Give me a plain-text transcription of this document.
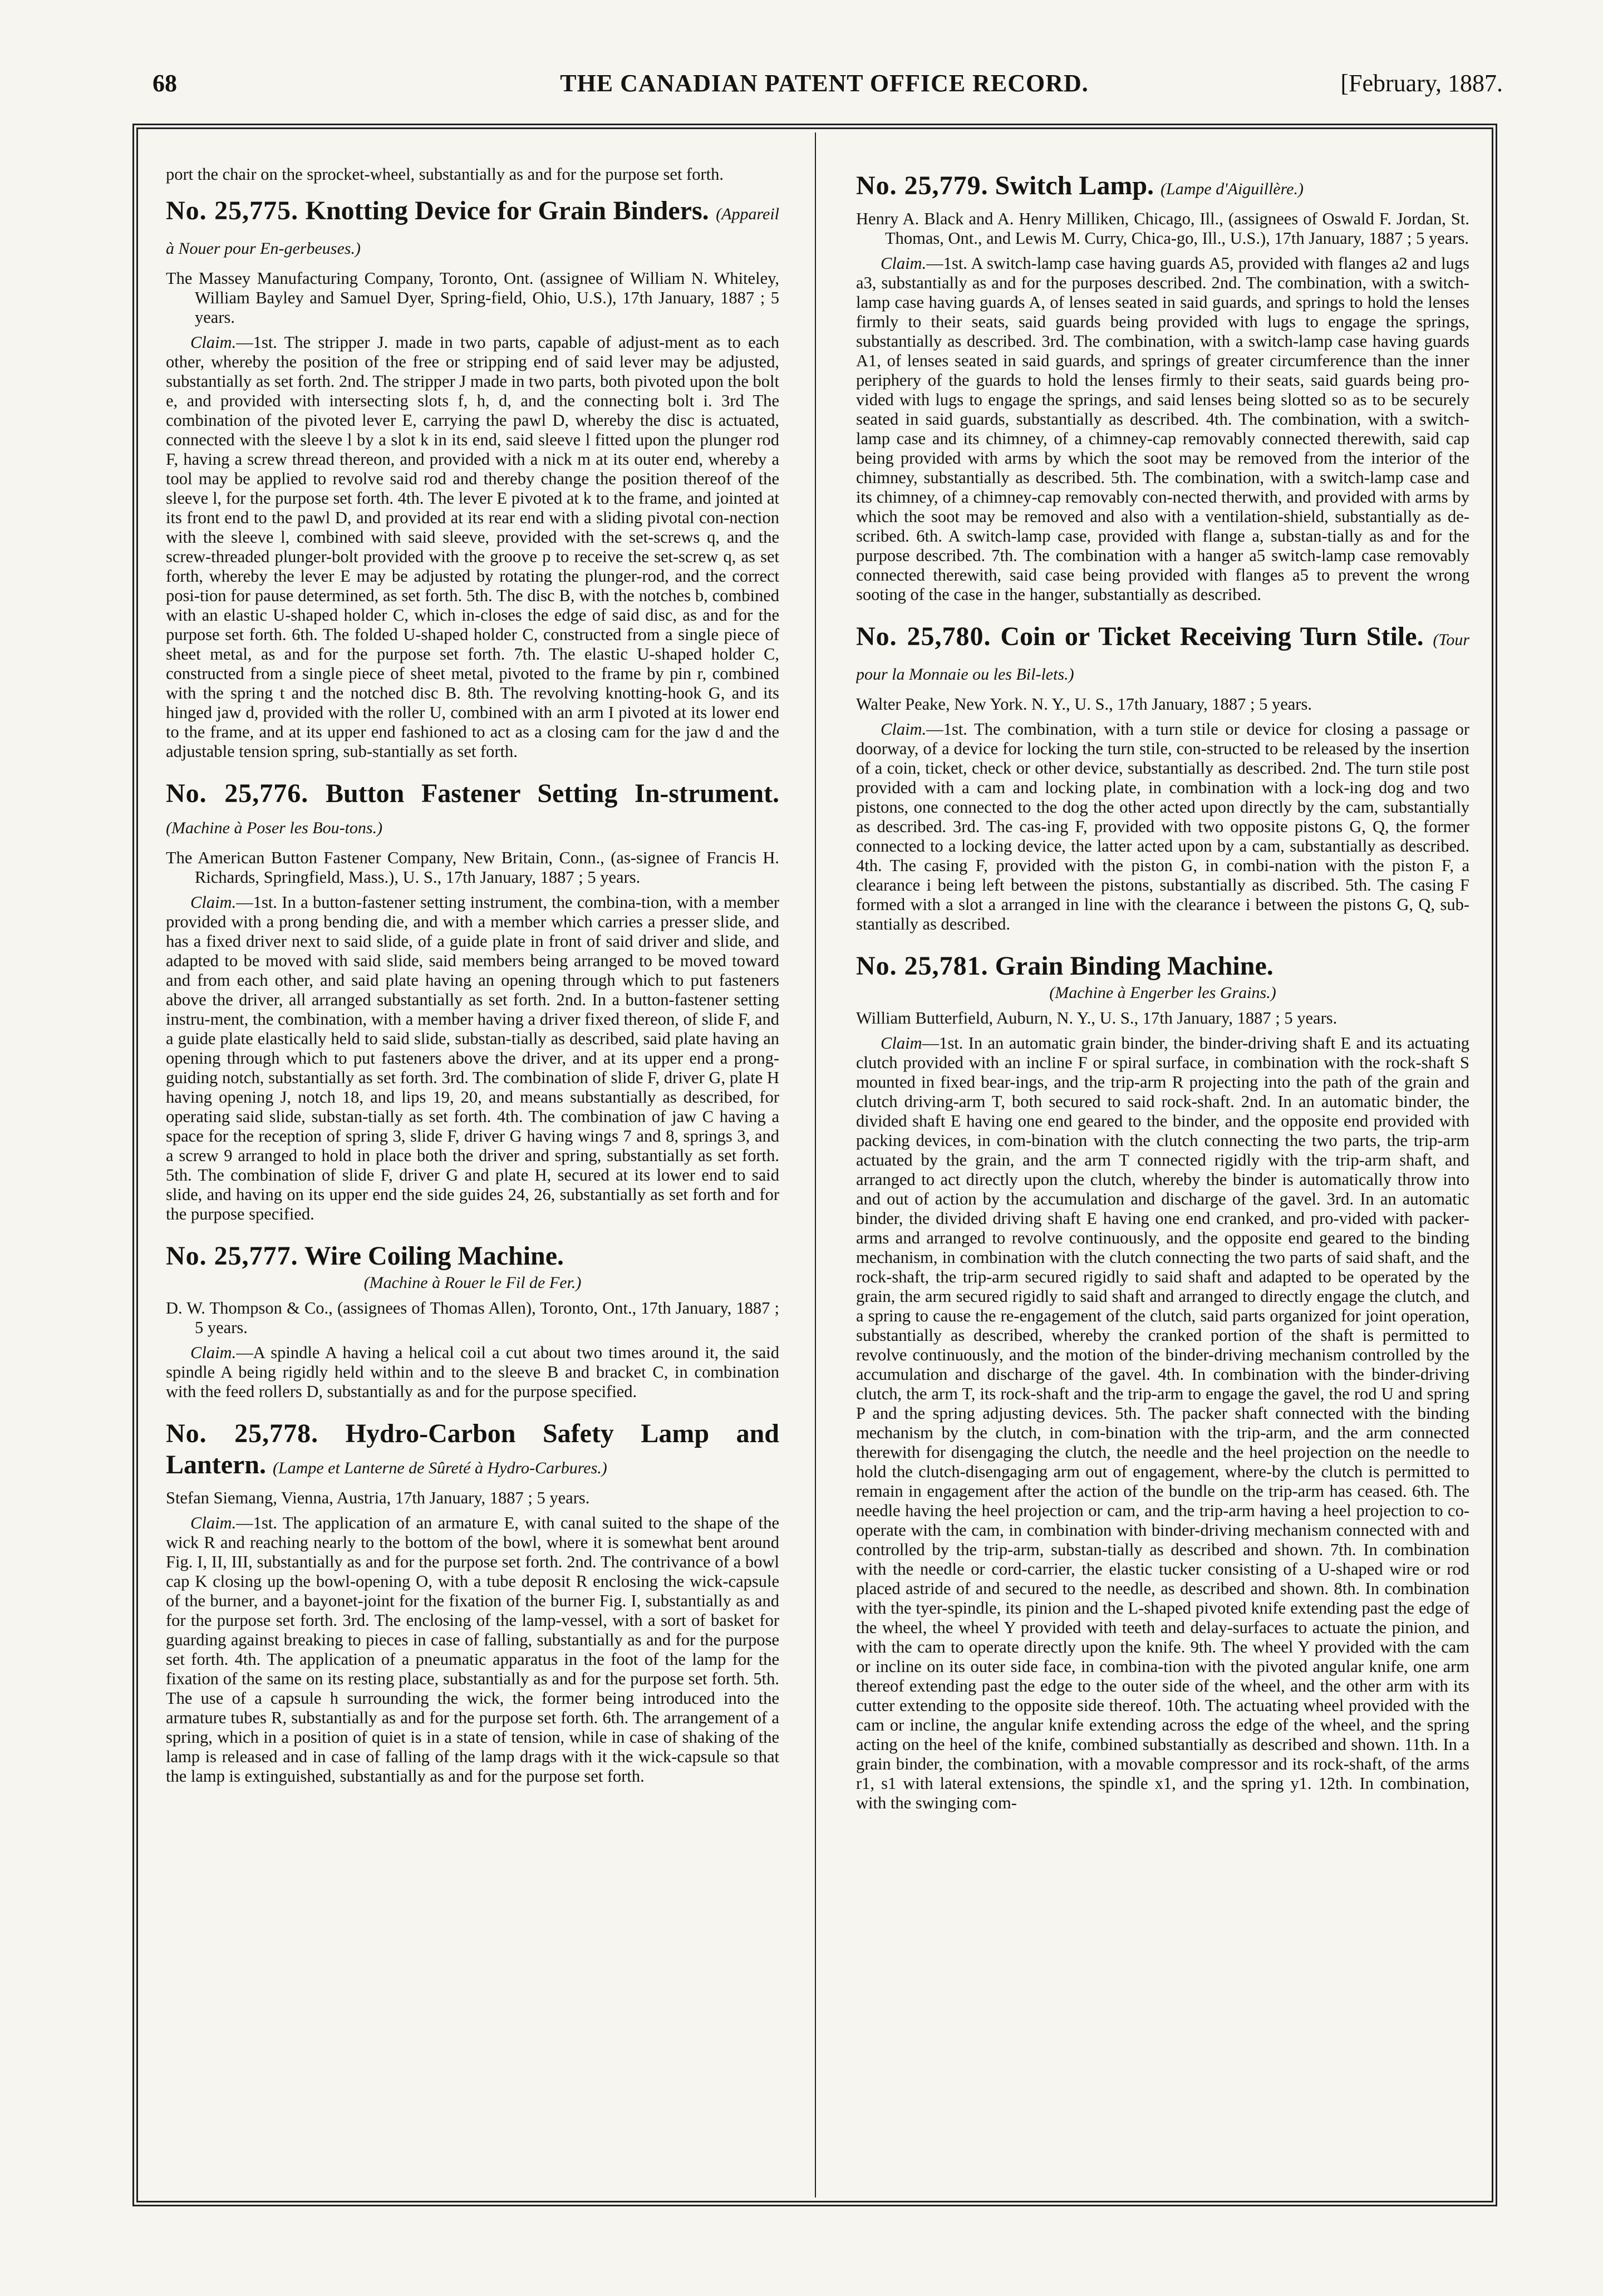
68	THE CANADIAN PATENT OFFICE RECORD.	[February, 1887.

port the chair on the sprocket-wheel, substantially as and for the purpose set forth.

No. 25,775. Knotting Device for Grain Binders. (Appareil à Nouer pour En-gerbeuses.)

The Massey Manufacturing Company, Toronto, Ont. (assignee of William N. Whiteley, William Bayley and Samuel Dyer, Spring-field, Ohio, U.S.), 17th January, 1887 ; 5 years.

Claim.—1st. The stripper J. made in two parts, capable of adjust-ment as to each other, whereby the position of the free or stripping end of said lever may be adjusted, substantially as set forth. 2nd. The stripper J made in two parts, both pivoted upon the bolt e, and provided with intersecting slots f, h, d, and the connecting bolt i. 3rd The combination of the pivoted lever E, carrying the pawl D, whereby the disc is actuated, connected with the sleeve l by a slot k in its end, said sleeve l fitted upon the plunger rod F, having a screw thread thereon, and provided with a nick m at its outer end, whereby a tool may be applied to revolve said rod and thereby change the position thereof of the sleeve l, for the purpose set forth. 4th. The lever E pivoted at k to the frame, and jointed at its front end to the pawl D, and provided at its rear end with a sliding pivotal con-nection with the sleeve l, combined with said sleeve, provided with the set-screws q, and the screw-threaded plunger-bolt provided with the groove p to receive the set-screw q, as set forth, whereby the lever E may be adjusted by rotating the plunger-rod, and the correct posi-tion for pause determined, as set forth. 5th. The disc B, with the notches b, combined with an elastic U-shaped holder C, which in-closes the edge of said disc, as and for the purpose set forth. 6th. The folded U-shaped holder C, constructed from a single piece of sheet metal, as and for the purpose set forth. 7th. The elastic U-shaped holder C, constructed from a single piece of sheet metal, pivoted to the frame by pin r, combined with the spring t and the notched disc B. 8th. The revolving knotting-hook G, and its hinged jaw d, provided with the roller U, combined with an arm I pivoted at its lower end to the frame, and at its upper end fashioned to act as a closing cam for the jaw d and the adjustable tension spring, sub-stantially as set forth.

No. 25,776. Button Fastener Setting In-strument. (Machine à Poser les Bou-tons.)

The American Button Fastener Company, New Britain, Conn., (as-signee of Francis H. Richards, Springfield, Mass.), U. S., 17th January, 1887 ; 5 years.

Claim.—1st. In a button-fastener setting instrument, the combina-tion, with a member provided with a prong bending die, and with a member which carries a presser slide, and has a fixed driver next to said slide, of a guide plate in front of said driver and slide, and adapted to be moved with said slide, said members being arranged to be moved toward and from each other, and said plate having an opening through which to put fasteners above the driver, all arranged substantially as set forth. 2nd. In a button-fastener setting instru-ment, the combination, with a member having a driver fixed thereon, of slide F, and a guide plate elastically held to said slide, substan-tially as described, said plate having an opening through which to put fasteners above the driver, and at its upper end a prong-guiding notch, substantially as set forth. 3rd. The combination of slide F, driver G, plate H having opening J, notch 18, and lips 19, 20, and means substantially as described, for operating said slide, substan-tially as set forth. 4th. The combination of jaw C having a space for the reception of spring 3, slide F, driver G having wings 7 and 8, springs 3, and a screw 9 arranged to hold in place both the driver and spring, substantially as set forth. 5th. The combination of slide F, driver G and plate H, secured at its lower end to said slide, and having on its upper end the side guides 24, 26, substantially as set forth and for the purpose specified.

No. 25,777. Wire Coiling Machine.
(Machine à Rouer le Fil de Fer.)

D. W. Thompson & Co., (assignees of Thomas Allen), Toronto, Ont., 17th January, 1887 ; 5 years.

Claim.—A spindle A having a helical coil a cut about two times around it, the said spindle A being rigidly held within and to the sleeve B and bracket C, in combination with the feed rollers D, substantially as and for the purpose specified.

No. 25,778. Hydro-Carbon Safety Lamp and Lantern. (Lampe et Lanterne de Sûreté à Hydro-Carbures.)

Stefan Siemang, Vienna, Austria, 17th January, 1887 ; 5 years.

Claim.—1st. The application of an armature E, with canal suited to the shape of the wick R and reaching nearly to the bottom of the bowl, where it is somewhat bent around Fig. I, II, III, substantially as and for the purpose set forth. 2nd. The contrivance of a bowl cap K closing up the bowl-opening O, with a tube deposit R enclosing the wick-capsule of the burner, and a bayonet-joint for the fixation of the burner Fig. I, substantially as and for the purpose set forth. 3rd. The enclosing of the lamp-vessel, with a sort of basket for guarding against breaking to pieces in case of falling, substantially as and for the purpose set forth. 4th. The application of a pneumatic apparatus in the foot of the lamp for the fixation of the same on its resting place, substantially as and for the purpose set forth. 5th. The use of a capsule h surrounding the wick, the former being introduced into the armature tubes R, substantially as and for the purpose set forth. 6th. The arrangement of a spring, which in a position of quiet is in a state of tension, while in case of shaking of the lamp is released and in case of falling of the lamp drags with it the wick-capsule so that the lamp is extinguished, substantially as and for the purpose set forth.

No. 25,779. Switch Lamp. (Lampe d'Aiguillère.)

Henry A. Black and A. Henry Milliken, Chicago, Ill., (assignees of Oswald F. Jordan, St. Thomas, Ont., and Lewis M. Curry, Chica-go, Ill., U.S.), 17th January, 1887 ; 5 years.

Claim.—1st. A switch-lamp case having guards A5, provided with flanges a2 and lugs a3, substantially as and for the purposes described. 2nd. The combination, with a switch-lamp case having guards A, of lenses seated in said guards, and springs to hold the lenses firmly to their seats, said guards being provided with lugs to engage the springs, substantially as described. 3rd. The combination, with a switch-lamp case having guards A1, of lenses seated in said guards, and springs of greater circumference than the inner periphery of the guards to hold the lenses firmly to their seats, said guards being pro-vided with lugs to engage the springs, and said lenses being slotted so as to be securely seated in said guards, substantially as described. 4th. The combination, with a switch-lamp case and its chimney, of a chimney-cap removably connected therewith, said cap being provided with arms by which the soot may be removed from the interior of the chimney, substantially as described. 5th. The combination, with a switch-lamp case and its chimney, of a chimney-cap removably con-nected therwith, and provided with arms by which the soot may be removed and also with a ventilation-shield, substantially as de-scribed. 6th. A switch-lamp case, provided with flange a, substan-tially as and for the purpose described. 7th. The combination with a hanger a5 switch-lamp case removably connected therewith, said case being provided with flanges a5 to prevent the wrong sooting of the case in the hanger, substantially as described.

No. 25,780. Coin or Ticket Receiving Turn Stile. (Tour pour la Monnaie ou les Bil-lets.)

Walter Peake, New York. N. Y., U. S., 17th January, 1887 ; 5 years.

Claim.—1st. The combination, with a turn stile or device for closing a passage or doorway, of a device for locking the turn stile, con-structed to be released by the insertion of a coin, ticket, check or other device, substantially as described. 2nd. The turn stile post provided with a cam and locking plate, in combination with a lock-ing dog and two pistons, one connected to the dog the other acted upon directly by the cam, substantially as described. 3rd. The cas-ing F, provided with two opposite pistons G, Q, the former connected to a locking device, the latter acted upon by a cam, substantially as described. 4th. The casing F, provided with the piston G, in combi-nation with the piston F, a clearance i being left between the pistons, substantially as discribed. 5th. The casing F formed with a slot a arranged in line with the clearance i between the pistons G, Q, sub-stantially as described.

No. 25,781. Grain Binding Machine.
(Machine à Engerber les Grains.)

William Butterfield, Auburn, N. Y., U. S., 17th January, 1887 ; 5 years.

Claim—1st. In an automatic grain binder, the binder-driving shaft E and its actuating clutch provided with an incline F or spiral surface, in combination with the rock-shaft S mounted in fixed bear-ings, and the trip-arm R projecting into the path of the grain and clutch driving-arm T, both secured to said rock-shaft. 2nd. In an automatic binder, the divided shaft E having one end geared to the binder, and the opposite end provided with packing devices, in com-bination with the clutch connecting the two parts, the trip-arm actuated by the grain, and the arm T connected rigidly with the trip-arm shaft, and arranged to act directly upon the clutch, whereby the binder is automatically throw into and out of action by the accumulation and discharge of the gavel. 3rd. In an automatic binder, the divided driving shaft E having one end cranked, and pro-vided with packer-arms and arranged to revolve continuously, and the opposite end geared to the binding mechanism, in combination with the clutch connecting the two parts of said shaft, and the rock-shaft, the trip-arm secured rigidly to said shaft and adapted to be operated by the grain, the arm secured rigidly to said shaft and arranged to directly engage the clutch, and a spring to cause the re-engagement of the clutch, said parts organized for joint operation, substantially as described, whereby the cranked portion of the shaft is permitted to revolve continuously, and the motion of the binder-driving mechanism controlled by the accumulation and discharge of the gavel. 4th. In combination with the binder-driving clutch, the arm T, its rock-shaft and the trip-arm to engage the gavel, the rod U and spring P and the spring adjusting devices. 5th. The packer shaft connected with the binding mechanism by the clutch, in com-bination with the trip-arm, and the arm connected therewith for disengaging the clutch, the needle and the heel projection on the needle to hold the clutch-disengaging arm out of engagement, where-by the clutch is permitted to remain in engagement after the action of the bundle on the trip-arm has ceased. 6th. The needle having the heel projection or cam, and the trip-arm having a heel projection to co-operate with the cam, in combination with binder-driving mechanism connected with and controlled by the trip-arm, substan-tially as described and shown. 7th. In combination with the needle or cord-carrier, the elastic tucker consisting of a U-shaped wire or rod placed astride of and secured to the needle, as described and shown. 8th. In combination with the tyer-spindle, its pinion and the L-shaped pivoted knife extending past the edge of the wheel, the wheel Y provided with teeth and delay-surfaces to actuate the pinion, and with the cam to operate directly upon the knife. 9th. The wheel Y provided with the cam or incline on its outer side face, in combina-tion with the pivoted angular knife, one arm thereof extending past the edge to the outer side of the wheel, and the other arm with its cutter extending to the opposite side thereof. 10th. The actuating wheel provided with the cam or incline, the angular knife extending across the edge of the wheel, and the spring acting on the heel of the knife, combined substantially as described and shown. 11th. In a grain binder, the combination, with a movable compressor and its rock-shaft, of the arms r1, s1 with lateral extensions, the spindle x1, and the spring y1. 12th. In combination, with the swinging com-
